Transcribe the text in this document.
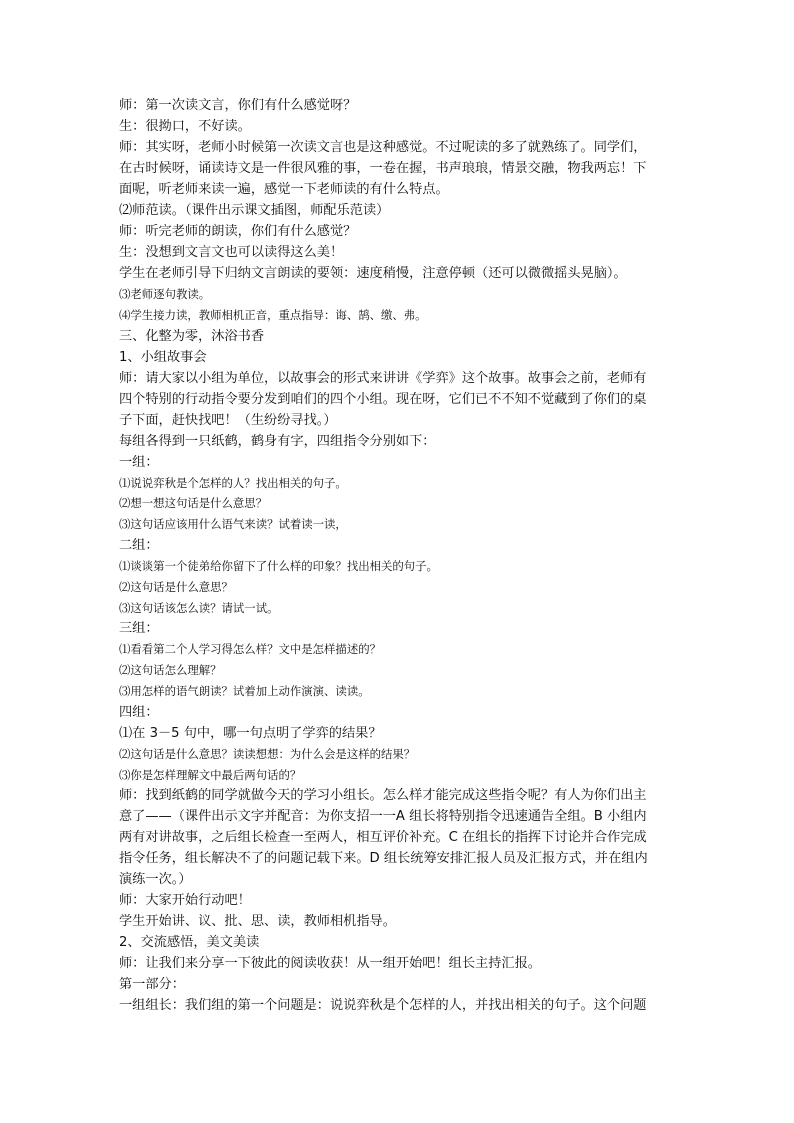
师：第一次读文言，你们有什么感觉呀？
生：很拗口，不好读。
师：其实呀，老师小时候第一次读文言也是这种感觉。不过呢读的多了就熟练了。同学们，
在古时候呀，诵读诗文是一件很风雅的事，一卷在握，书声琅琅，情景交融，物我两忘！下
面呢，听老师来读一遍，感觉一下老师读的有什么特点。
⑵师范读。（课件出示课文插图，师配乐范读）
师：听完老师的朗读，你们有什么感觉？
生：没想到文言文也可以读得这么美！
学生在老师引导下归纳文言朗读的要领：速度稍慢，注意停顿（还可以微微摇头晃脑）。
⑶老师逐句教读。
⑷学生接力读，教师相机正音，重点指导：诲、鹄、缴、弗。
三、化整为零，沐浴书香
1、小组故事会
师：请大家以小组为单位，以故事会的形式来讲讲《学弈》这个故事。故事会之前，老师有
四个特别的行动指令要分发到咱们的四个小组。现在呀，它们已不不知不觉藏到了你们的桌
子下面，赶快找吧！（生纷纷寻找。）
每组各得到一只纸鹤，鹤身有字，四组指令分别如下：
一组：
⑴说说弈秋是个怎样的人？找出相关的句子。
⑵想一想这句话是什么意思？
⑶这句话应该用什么语气来读？试着读一读，
二组：
⑴谈谈第一个徒弟给你留下了什么样的印象？找出相关的句子。
⑵这句话是什么意思？
⑶这句话该怎么读？请试一试。
三组：
⑴看看第二个人学习得怎么样？文中是怎样描述的？
⑵这句话怎么理解？
⑶用怎样的语气朗读？试着加上动作演演、读读。
四组：
⑴在 3－5 句中，哪一句点明了学弈的结果？
⑵这句话是什么意思？读读想想：为什么会是这样的结果？
⑶你是怎样理解文中最后两句话的？
师：找到纸鹤的同学就做今天的学习小组长。怎么样才能完成这些指令呢？有人为你们出主
意了——（课件出示文字并配音：为你支招一一A 组长将特别指令迅速通告全组。B 小组内
两有对讲故事，之后组长检查一至两人，相互评价补充。C 在组长的指挥下讨论并合作完成
指令任务，组长解决不了的问题记载下来。D 组长统筹安排汇报人员及汇报方式，并在组内
演练一次。）
师：大家开始行动吧！
学生开始讲、议、批、思、读，教师相机指导。
2、交流感悟，美文美读
师：让我们来分享一下彼此的阅读收获！从一组开始吧！组长主持汇报。
第一部分：
一组组长：我们组的第一个问题是：说说弈秋是个怎样的人，并找出相关的句子。这个问题
